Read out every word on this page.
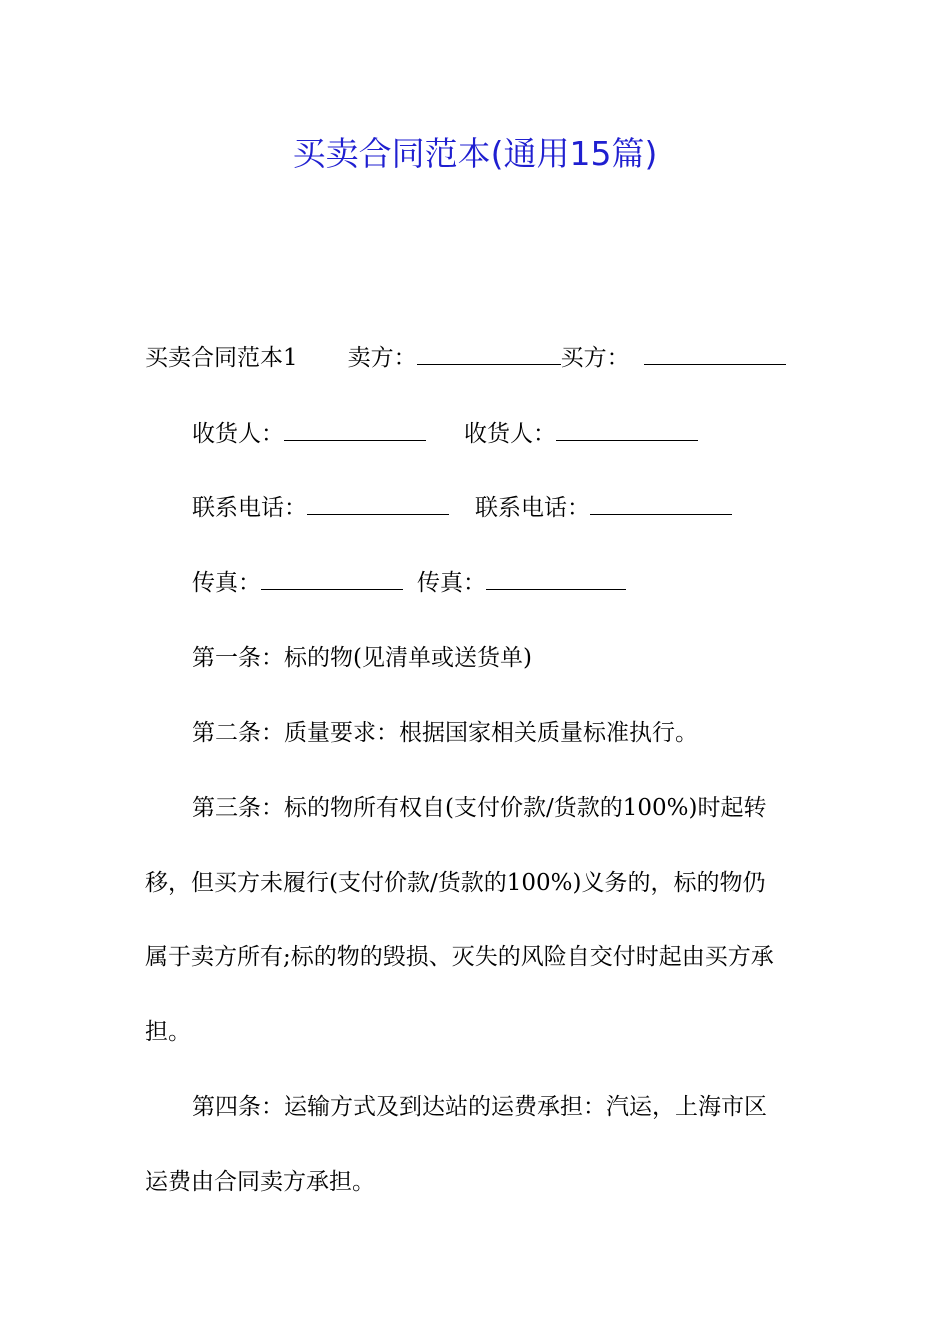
买卖合同范本(通用15篇)
买卖合同范本1 卖方：	买方：
收货人：	收货人：
联系电话：	联系电话：
传真：	传真：
第一条：标的物(见清单或送货单)
第二条：质量要求：根据国家相关质量标准执行。
第三条：标的物所有权自(支付价款/货款的100%)时起转
移，但买方未履行(支付价款/货款的100%)义务的，标的物仍
属于卖方所有;标的物的毁损、灭失的风险自交付时起由买方承
担。
第四条：运输方式及到达站的运费承担：汽运，上海市区
运费由合同卖方承担。
